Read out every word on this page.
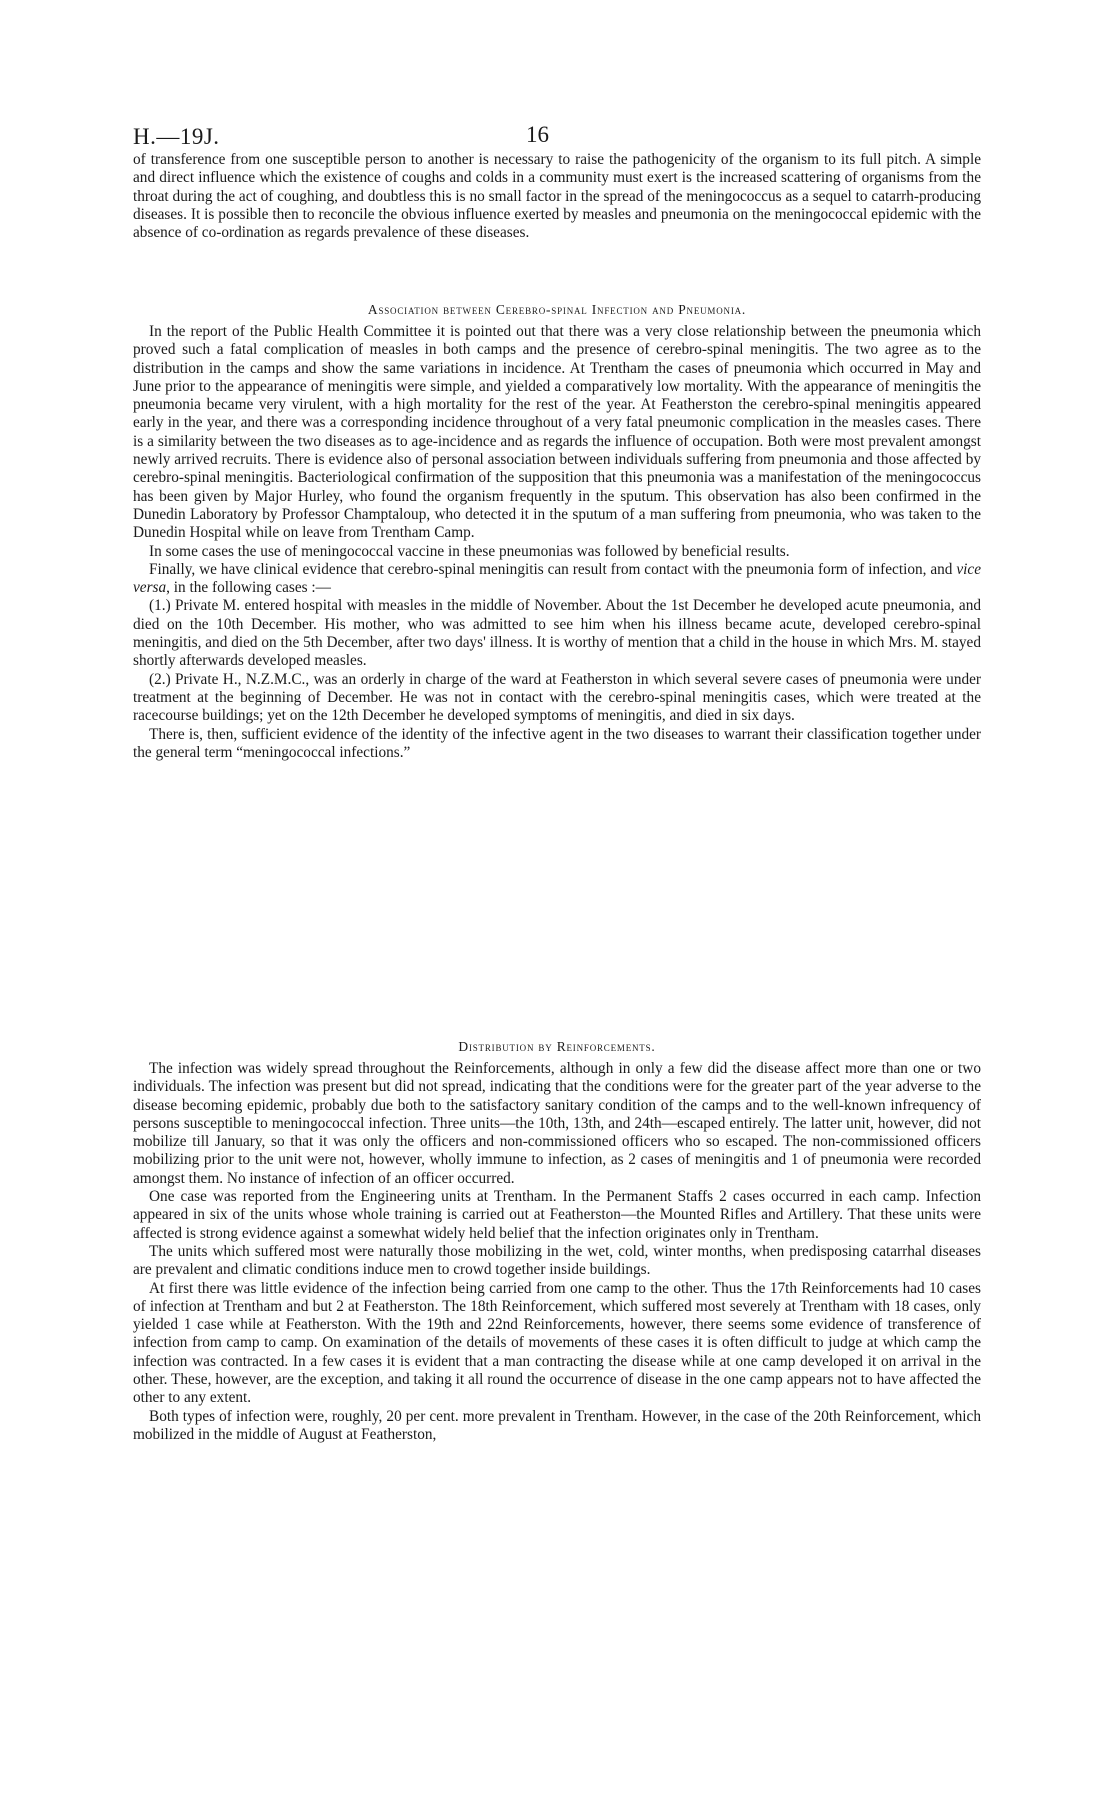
H.—19J.	16

of transference from one susceptible person to another is necessary to raise the pathogenicity of the organism to its full pitch. A simple and direct influence which the existence of coughs and colds in a community must exert is the increased scattering of organisms from the throat during the act of coughing, and doubtless this is no small factor in the spread of the meningococcus as a sequel to catarrh-producing diseases. It is possible then to reconcile the obvious influence exerted by measles and pneumonia on the meningococcal epidemic with the absence of co-ordination as regards prevalence of these diseases.

Association between Cerebro-spinal Infection and Pneumonia.

In the report of the Public Health Committee it is pointed out that there was a very close relationship between the pneumonia which proved such a fatal complication of measles in both camps and the presence of cerebro-spinal meningitis. The two agree as to the distribution in the camps and show the same variations in incidence. At Trentham the cases of pneumonia which occurred in May and June prior to the appearance of meningitis were simple, and yielded a comparatively low mortality. With the appearance of meningitis the pneumonia became very virulent, with a high mortality for the rest of the year. At Featherston the cerebro-spinal meningitis appeared early in the year, and there was a corresponding incidence throughout of a very fatal pneumonic complication in the measles cases. There is a similarity between the two diseases as to age-incidence and as regards the influence of occupation. Both were most prevalent amongst newly arrived recruits. There is evidence also of personal association between individuals suffering from pneumonia and those affected by cerebro-spinal meningitis. Bacteriological confirmation of the supposition that this pneumonia was a manifestation of the meningococcus has been given by Major Hurley, who found the organism frequently in the sputum. This observation has also been confirmed in the Dunedin Laboratory by Professor Champtaloup, who detected it in the sputum of a man suffering from pneumonia, who was taken to the Dunedin Hospital while on leave from Trentham Camp.

In some cases the use of meningococcal vaccine in these pneumonias was followed by beneficial results.

Finally, we have clinical evidence that cerebro-spinal meningitis can result from contact with the pneumonia form of infection, and vice versa, in the following cases :—

(1.) Private M. entered hospital with measles in the middle of November. About the 1st December he developed acute pneumonia, and died on the 10th December. His mother, who was admitted to see him when his illness became acute, developed cerebro-spinal meningitis, and died on the 5th December, after two days' illness. It is worthy of mention that a child in the house in which Mrs. M. stayed shortly afterwards developed measles.

(2.) Private H., N.Z.M.C., was an orderly in charge of the ward at Featherston in which several severe cases of pneumonia were under treatment at the beginning of December. He was not in contact with the cerebro-spinal meningitis cases, which were treated at the racecourse buildings; yet on the 12th December he developed symptoms of meningitis, and died in six days.

There is, then, sufficient evidence of the identity of the infective agent in the two diseases to warrant their classification together under the general term “meningococcal infections.”

Distribution by Reinforcements.

The infection was widely spread throughout the Reinforcements, although in only a few did the disease affect more than one or two individuals. The infection was present but did not spread, indicating that the conditions were for the greater part of the year adverse to the disease becoming epidemic, probably due both to the satisfactory sanitary condition of the camps and to the well-known infrequency of persons susceptible to meningococcal infection. Three units—the 10th, 13th, and 24th—escaped entirely. The latter unit, however, did not mobilize till January, so that it was only the officers and non-commissioned officers who so escaped. The non-commissioned officers mobilizing prior to the unit were not, however, wholly immune to infection, as 2 cases of meningitis and 1 of pneumonia were recorded amongst them. No instance of infection of an officer occurred.

One case was reported from the Engineering units at Trentham. In the Permanent Staffs 2 cases occurred in each camp. Infection appeared in six of the units whose whole training is carried out at Featherston—the Mounted Rifles and Artillery. That these units were affected is strong evidence against a somewhat widely held belief that the infection originates only in Trentham.

The units which suffered most were naturally those mobilizing in the wet, cold, winter months, when predisposing catarrhal diseases are prevalent and climatic conditions induce men to crowd together inside buildings.

At first there was little evidence of the infection being carried from one camp to the other. Thus the 17th Reinforcements had 10 cases of infection at Trentham and but 2 at Featherston. The 18th Reinforcement, which suffered most severely at Trentham with 18 cases, only yielded 1 case while at Featherston. With the 19th and 22nd Reinforcements, however, there seems some evidence of transference of infection from camp to camp. On examination of the details of movements of these cases it is often difficult to judge at which camp the infection was contracted. In a few cases it is evident that a man contracting the disease while at one camp developed it on arrival in the other. These, however, are the exception, and taking it all round the occurrence of disease in the one camp appears not to have affected the other to any extent.

Both types of infection were, roughly, 20 per cent. more prevalent in Trentham. However, in the case of the 20th Reinforcement, which mobilized in the middle of August at Featherston,
